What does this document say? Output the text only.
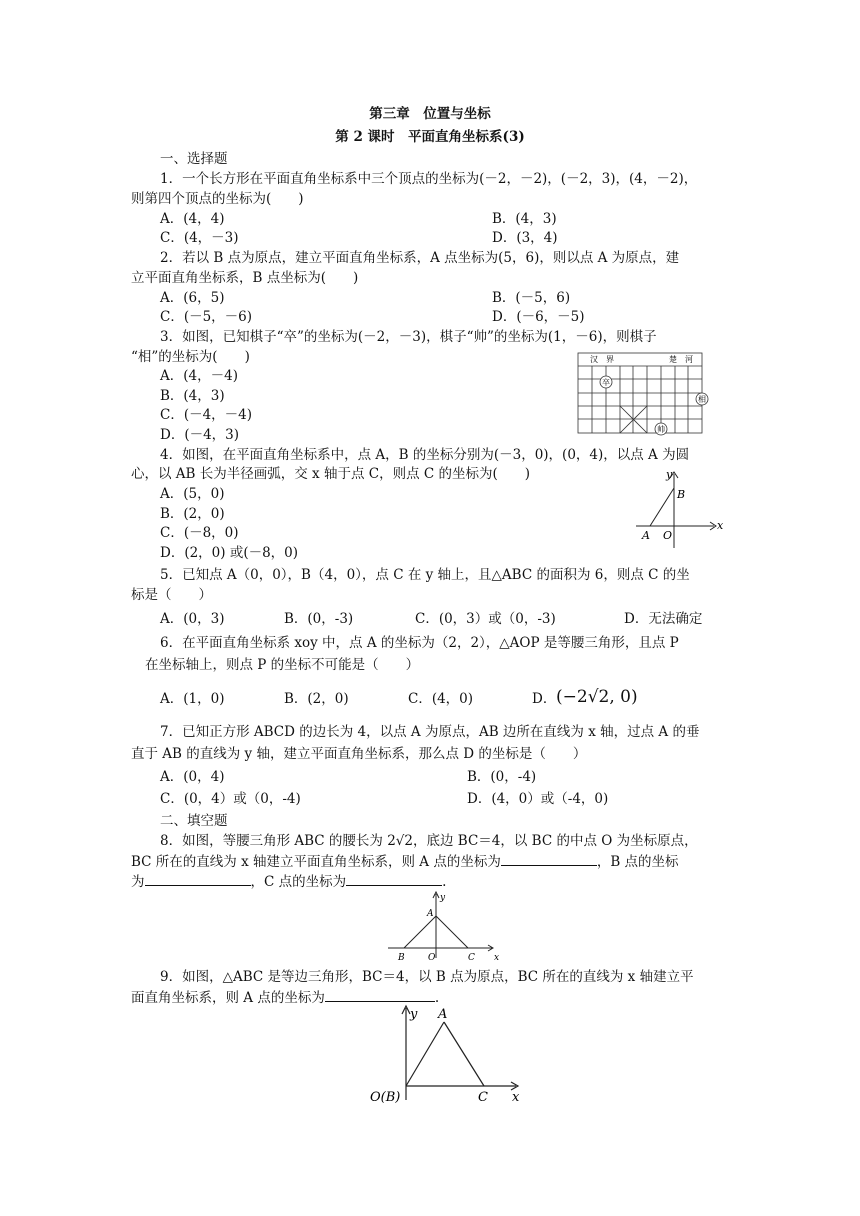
第三章　位置与坐标
第 2 课时　平面直角坐标系(3)
一、选择题
1．一个长方形在平面直角坐标系中三个顶点的坐标为(－2，－2)，(－2，3)，(4，－2)，
则第四个顶点的坐标为(　　)
A．(4，4)	B．(4，3)
C．(4，－3)	D．(3，4)
2．若以 B 点为原点，建立平面直角坐标系，A 点坐标为(5，6)，则以点 A 为原点，建
立平面直角坐标系，B 点坐标为(　　)
A．(6，5)	B．(－5，6)
C．(－5，－6)	D．(－6，－5)
3．如图，已知棋子“卒”的坐标为(－2，－3)，棋子“帅”的坐标为(1，－6)，则棋子
“相”的坐标为(　　)
A．(4，－4)
B．(4，3)
C．(－4，－4)
D．(－4，3)
汉　界	楚　河
卒
相
帅
4．如图，在平面直角坐标系中，点 A，B 的坐标分别为(－3，0)，(0，4)，以点 A 为圆
心，以 AB 长为半径画弧，交 x 轴于点 C，则点 C 的坐标为(　　)
A．(5，0)
B．(2，0)
C．(－8，0)
D．(2，0) 或(－8，0)
y
x
B
A O
5．已知点 A（0，0），B（4，0），点 C 在 y 轴上，且△ABC 的面积为 6，则点 C 的坐
标是（　　）
A．(0，3)	B．(0，-3)	C．(0，3）或（0，-3)	D．无法确定
6．在平面直角坐标系 xoy 中，点 A 的坐标为（2，2），△AOP 是等腰三角形，且点 P
在坐标轴上，则点 P 的坐标不可能是（　　）
A．(1，0)	B．(2，0)	C．(4，0)	D． (−2√2, 0)
7．已知正方形 ABCD 的边长为 4，以点 A 为原点，AB 边所在直线为 x 轴，过点 A 的垂
直于 AB 的直线为 y 轴，建立平面直角坐标系，那么点 D 的坐标是（　　）
A．(0，4)	B．(0，-4)
C．(0，4）或（0，-4)	D．(4，0）或（-4，0)
二、填空题
8．如图，等腰三角形 ABC 的腰长为 2√2，底边 BC＝4，以 BC 的中点 O 为坐标原点，
BC 所在的直线为 x 轴建立平面直角坐标系，则 A 点的坐标为	，B 点的坐标
为	，C 点的坐标为	.
y
x
A
B	O	C
9．如图，△ABC 是等边三角形，BC＝4，以 B 点为原点，BC 所在的直线为 x 轴建立平
面直角坐标系，则 A 点的坐标为	.
y
x
A
O(B)	C
